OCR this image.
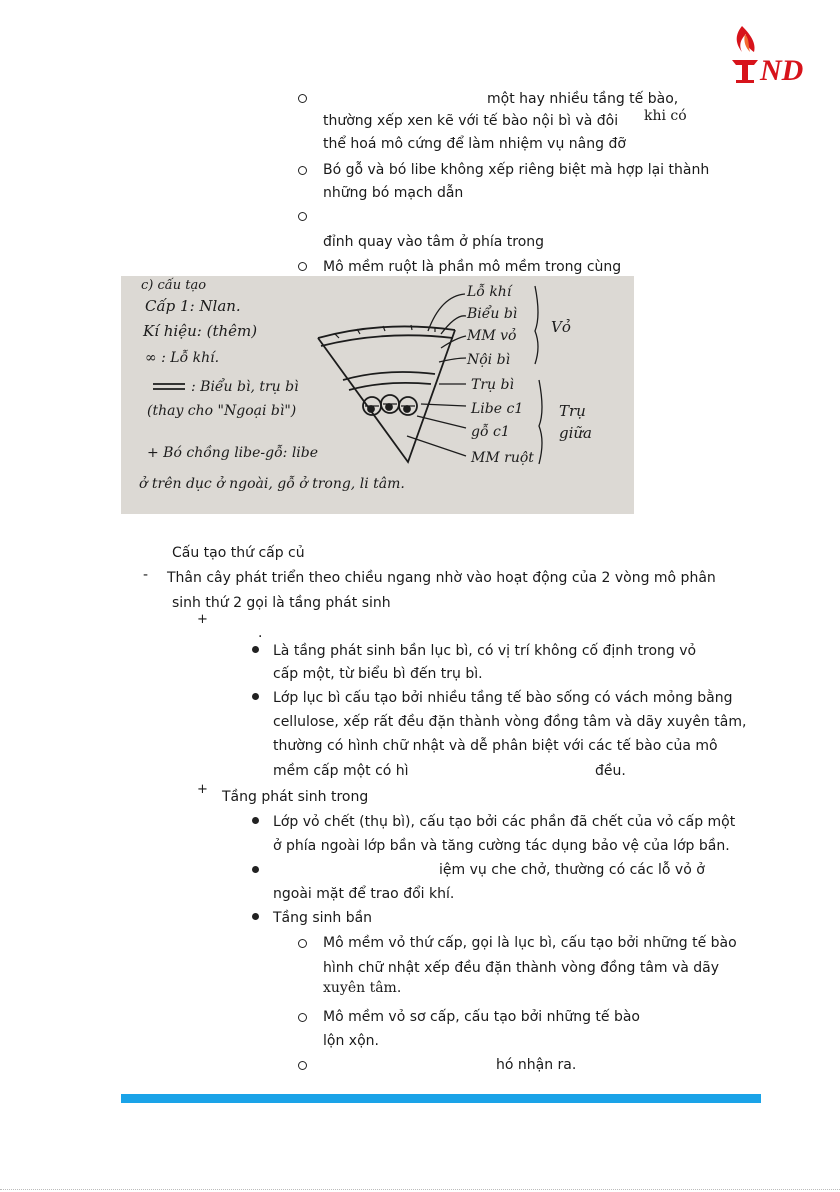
ND
một hay nhiều tầng tế bào,
thường xếp xen kẽ với tế bào nội bì và đôi khi có
thể hoá mô cứng để làm nhiệm vụ nâng đỡ
Bó gỗ và bó libe không xếp riêng biệt mà hợp lại thành
những bó mạch dẫn
đỉnh quay vào tâm ở phía trong
Mô mềm ruột là phần mô mềm trong cùng
c) cấu tạo
Cấp 1: Nlan.
Kí hiệu: (thêm)
∞ : Lỗ khí.
: Biểu bì, trụ bì
(thay cho "Ngoại bì")
+ Bó chồng libe-gỗ: libe
ở trên dục ở ngoài, gỗ ở trong, li tâm.
Lỗ khí
Biểu bì
MM vỏ
Nội bì
Trụ bì
Libe c1
gỗ c1
MM ruột
Vỏ
Trụ
giữa
Cấu tạo thứ cấp củ
- Thân cây phát triển theo chiều ngang nhờ vào hoạt động của 2 vòng mô phân
sinh thứ 2 gọi là tầng phát sinh
+
.
Là tầng phát sinh bần lục bì, có vị trí không cố định trong vỏ
cấp một, từ biểu bì đến trụ bì.
Lớp lục bì cấu tạo bởi nhiều tầng tế bào sống có vách mỏng bằng
cellulose, xếp rất đều đặn thành vòng đồng tâm và dãy xuyên tâm,
thường có hình chữ nhật và dễ phân biệt với các tế bào của mô
mềm cấp một có hì	đều.
+ Tầng phát sinh trong
Lớp vỏ chết (thụ bì), cấu tạo bởi các phần đã chết của vỏ cấp một
ở phía ngoài lớp bần và tăng cường tác dụng bảo vệ của lớp bần.
iệm vụ che chở, thường có các lỗ vỏ ở
ngoài mặt để trao đổi khí.
Tầng sinh bần
Mô mềm vỏ thứ cấp, gọi là lục bì, cấu tạo bởi những tế bào
hình chữ nhật xếp đều đặn thành vòng đồng tâm và dãy
xuyên tâm.
Mô mềm vỏ sơ cấp, cấu tạo bởi những tế bào
lộn xộn.
hó nhận ra.
